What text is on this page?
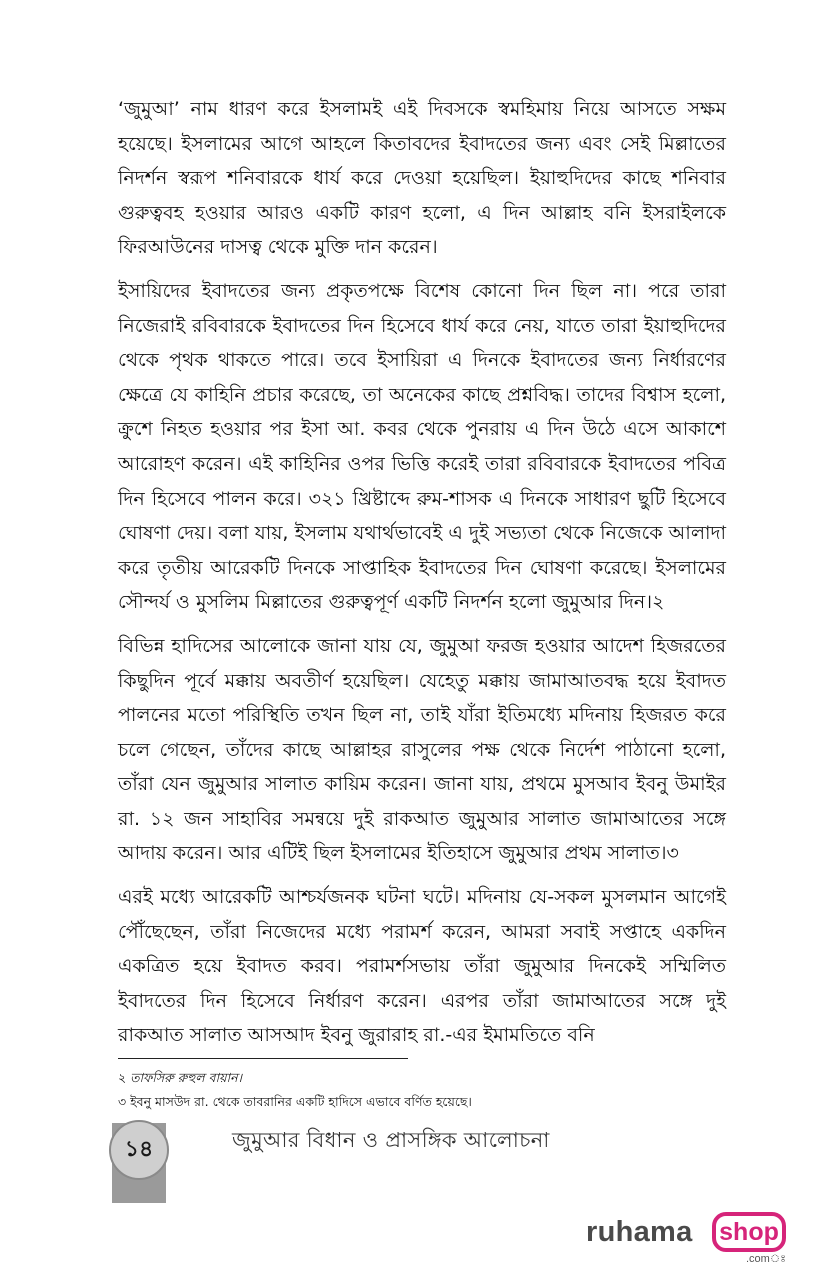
‘জুমুআ’ নাম ধারণ করে ইসলামই এই দিবসকে স্বমহিমায় নিয়ে আসতে সক্ষম হয়েছে। ইসলামের আগে আহলে কিতাবদের ইবাদতের জন্য এবং সেই মিল্লাতের নিদর্শন স্বরূপ শনিবারকে ধার্য করে দেওয়া হয়েছিল। ইয়াহুদিদের কাছে শনিবার গুরুত্ববহ হওয়ার আরও একটি কারণ হলো, এ দিন আল্লাহ বনি ইসরাইলকে ফিরআউনের দাসত্ব থেকে মুক্তি দান করেন।

ইসায়িদের ইবাদতের জন্য প্রকৃতপক্ষে বিশেষ কোনো দিন ছিল না। পরে তারা নিজেরাই রবিবারকে ইবাদতের দিন হিসেবে ধার্য করে নেয়, যাতে তারা ইয়াহুদিদের থেকে পৃথক থাকতে পারে। তবে ইসায়িরা এ দিনকে ইবাদতের জন্য নির্ধারণের ক্ষেত্রে যে কাহিনি প্রচার করেছে, তা অনেকের কাছে প্রশ্নবিদ্ধ। তাদের বিশ্বাস হলো, ক্রুশে নিহত হওয়ার পর ইসা আ. কবর থেকে পুনরায় এ দিন উঠে এসে আকাশে আরোহণ করেন। এই কাহিনির ওপর ভিত্তি করেই তারা রবিবারকে ইবাদতের পবিত্র দিন হিসেবে পালন করে। ৩২১ খ্রিষ্টাব্দে রুম-শাসক এ দিনকে সাধারণ ছুটি হিসেবে ঘোষণা দেয়। বলা যায়, ইসলাম যথার্থভাবেই এ দুই সভ্যতা থেকে নিজেকে আলাদা করে তৃতীয় আরেকটি দিনকে সাপ্তাহিক ইবাদতের দিন ঘোষণা করেছে। ইসলামের সৌন্দর্য ও মুসলিম মিল্লাতের গুরুত্বপূর্ণ একটি নিদর্শন হলো জুমুআর দিন।২

বিভিন্ন হাদিসের আলোকে জানা যায় যে, জুমুআ ফরজ হওয়ার আদেশ হিজরতের কিছুদিন পূর্বে মক্কায় অবতীর্ণ হয়েছিল। যেহেতু মক্কায় জামাআতবদ্ধ হয়ে ইবাদত পালনের মতো পরিস্থিতি তখন ছিল না, তাই যাঁরা ইতিমধ্যে মদিনায় হিজরত করে চলে গেছেন, তাঁদের কাছে আল্লাহর রাসুলের পক্ষ থেকে নির্দেশ পাঠানো হলো, তাঁরা যেন জুমুআর সালাত কায়িম করেন। জানা যায়, প্রথমে মুসআব ইবনু উমাইর রা. ১২ জন সাহাবির সমন্বয়ে দুই রাকআত জুমুআর সালাত জামাআতের সঙ্গে আদায় করেন। আর এটিই ছিল ইসলামের ইতিহাসে জুমুআর প্রথম সালাত।৩

এরই মধ্যে আরেকটি আশ্চর্যজনক ঘটনা ঘটে। মদিনায় যে-সকল মুসলমান আগেই পৌঁছেছেন, তাঁরা নিজেদের মধ্যে পরামর্শ করেন, আমরা সবাই সপ্তাহে একদিন একত্রিত হয়ে ইবাদত করব। পরামর্শসভায় তাঁরা জুমুআর দিনকেই সম্মিলিত ইবাদতের দিন হিসেবে নির্ধারণ করেন। এরপর তাঁরা জামাআতের সঙ্গে দুই রাকআত সালাত আসআদ ইবনু জুরারাহ রা.-এর ইমামতিতে বনি

২ তাফসিরু রুহুল বায়ান।

৩ ইবনু মাসউদ রা. থেকে তাবরানির একটি হাদিসে এভাবে বর্ণিত হয়েছে।

১৪	জুমুআর বিধান ও প্রাসঙ্গিক আলোচনা
ruhama shop
.comঃ
